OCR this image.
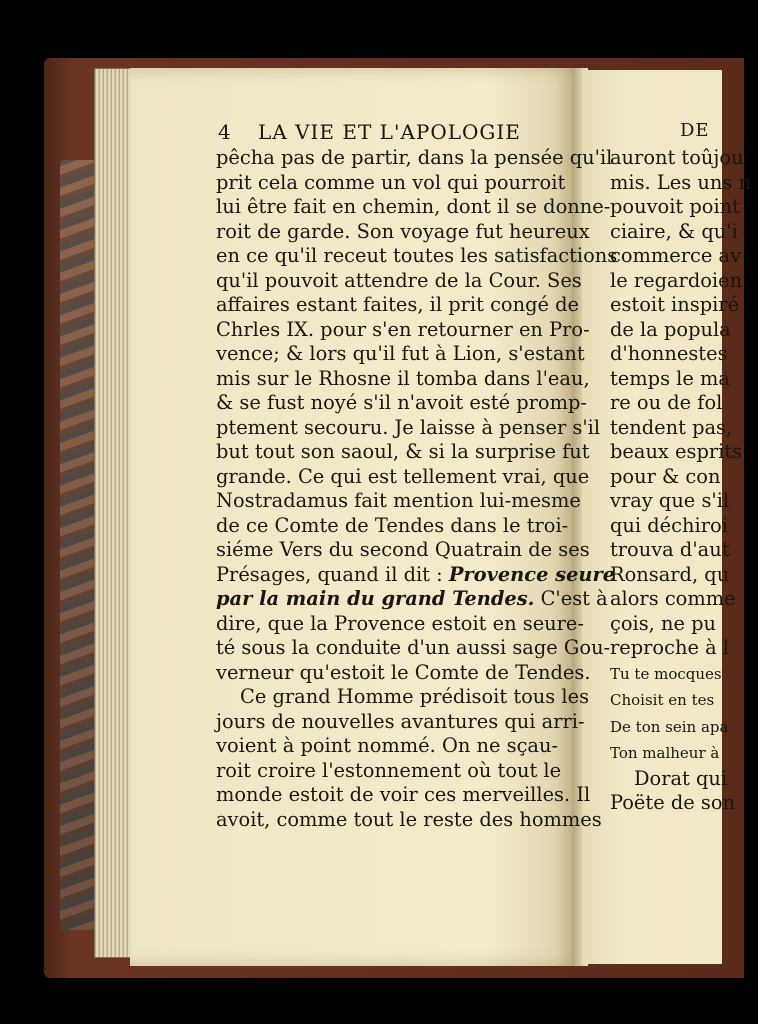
4 LA VIE ET L'APOLOGIE
pêcha pas de partir, dans la pensée qu'il
prit cela comme un vol qui pourroit
lui être fait en chemin, dont il se donne-
roit de garde. Son voyage fut heureux
en ce qu'il receut toutes les satisfactions
qu'il pouvoit attendre de la Cour. Ses
affaires estant faites, il prit congé de
Chrles IX. pour s'en retourner en Pro-
vence; & lors qu'il fut à Lion, s'estant
mis sur le Rhosne il tomba dans l'eau,
& se fust noyé s'il n'avoit esté promp-
ptement secouru. Je laisse à penser s'il
but tout son saoul, & si la surprise fut
grande. Ce qui est tellement vrai, que
Nostradamus fait mention lui-mesme
de ce Comte de Tendes dans le troi-
siéme Vers du second Quatrain de ses
Présages, quand il dit : Provence seure
par la main du grand Tendes. C'est à
dire, que la Provence estoit en seure-
té sous la conduite d'un aussi sage Gou-
verneur qu'estoit le Comte de Tendes.
Ce grand Homme prédisoit tous les
jours de nouvelles avantures qui arri-
voient à point nommé. On ne sçau-
roit croire l'estonnement où tout le
monde estoit de voir ces merveilles. Il
avoit, comme tout le reste des hommes
DE
auront toûjou
mis. Les uns n
pouvoit point
ciaire, & qu'i
commerce av
le regardoien
estoit inspiré
de la popula
d'honnestes
temps le ma
re ou de fol
tendent pas,
beaux esprits
pour & con
vray que s'il
qui déchiroi
trouva d'aut
Ronsard, qu
alors comme
çois, ne pu
reproche à l
Tu te mocques
Choisit en tes
De ton sein apa
Ton malheur à
Dorat qui
Poëte de son
